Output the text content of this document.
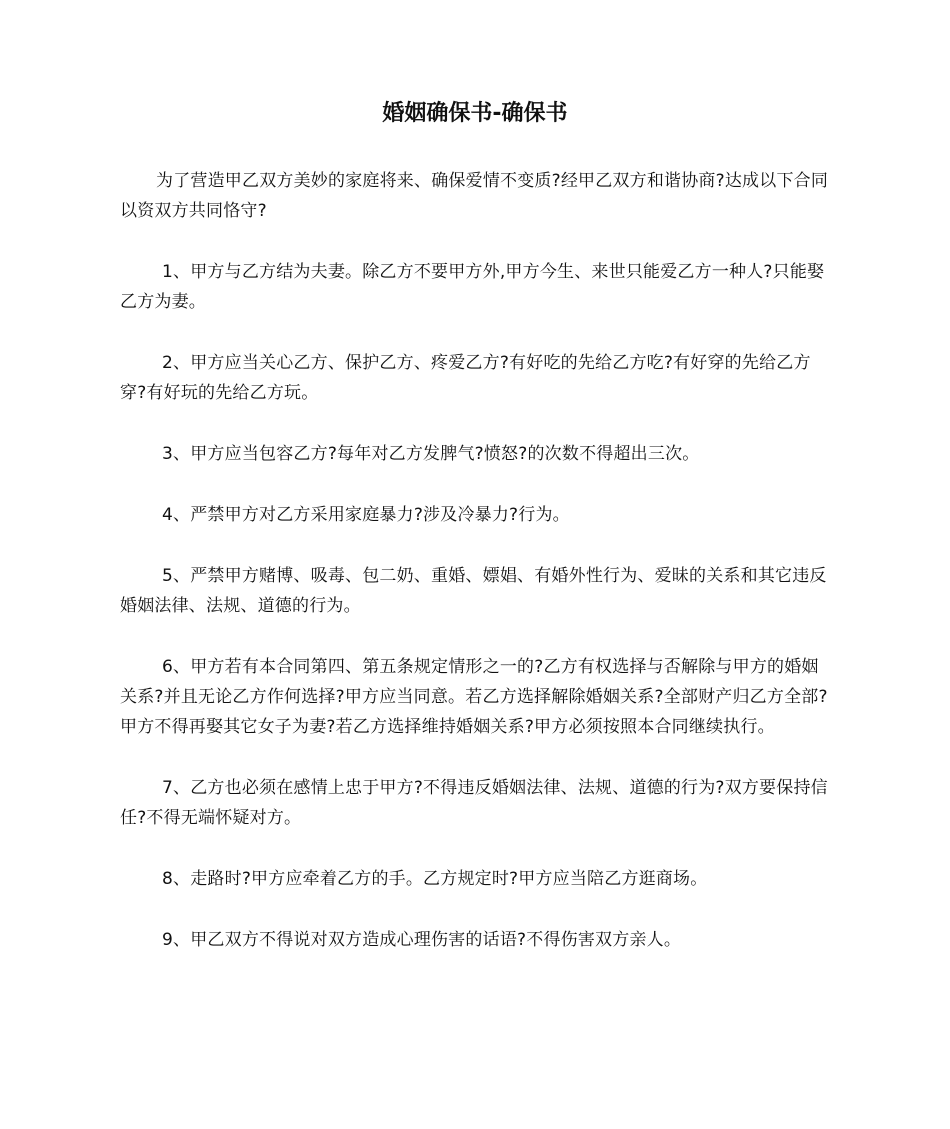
婚姻确保书-确保书

为了营造甲乙双方美妙的家庭将来、确保爱情不变质?经甲乙双方和谐协商?达成以下合同以资双方共同恪守?

1、甲方与乙方结为夫妻。除乙方不要甲方外,甲方今生、来世只能爱乙方一种人?只能娶乙方为妻。

2、甲方应当关心乙方、保护乙方、疼爱乙方?有好吃的先给乙方吃?有好穿的先给乙方穿?有好玩的先给乙方玩。

3、甲方应当包容乙方?每年对乙方发脾气?愤怒?的次数不得超出三次。

4、严禁甲方对乙方采用家庭暴力?涉及冷暴力?行为。

5、严禁甲方赌博、吸毒、包二奶、重婚、嫖娼、有婚外性行为、爱昧的关系和其它违反婚姻法律、法规、道德的行为。

6、甲方若有本合同第四、第五条规定情形之一的?乙方有权选择与否解除与甲方的婚姻关系?并且无论乙方作何选择?甲方应当同意。若乙方选择解除婚姻关系?全部财产归乙方全部?甲方不得再娶其它女子为妻?若乙方选择维持婚姻关系?甲方必须按照本合同继续执行。

7、乙方也必须在感情上忠于甲方?不得违反婚姻法律、法规、道德的行为?双方要保持信任?不得无端怀疑对方。

8、走路时?甲方应牵着乙方的手。乙方规定时?甲方应当陪乙方逛商场。

9、甲乙双方不得说对双方造成心理伤害的话语?不得伤害双方亲人。
